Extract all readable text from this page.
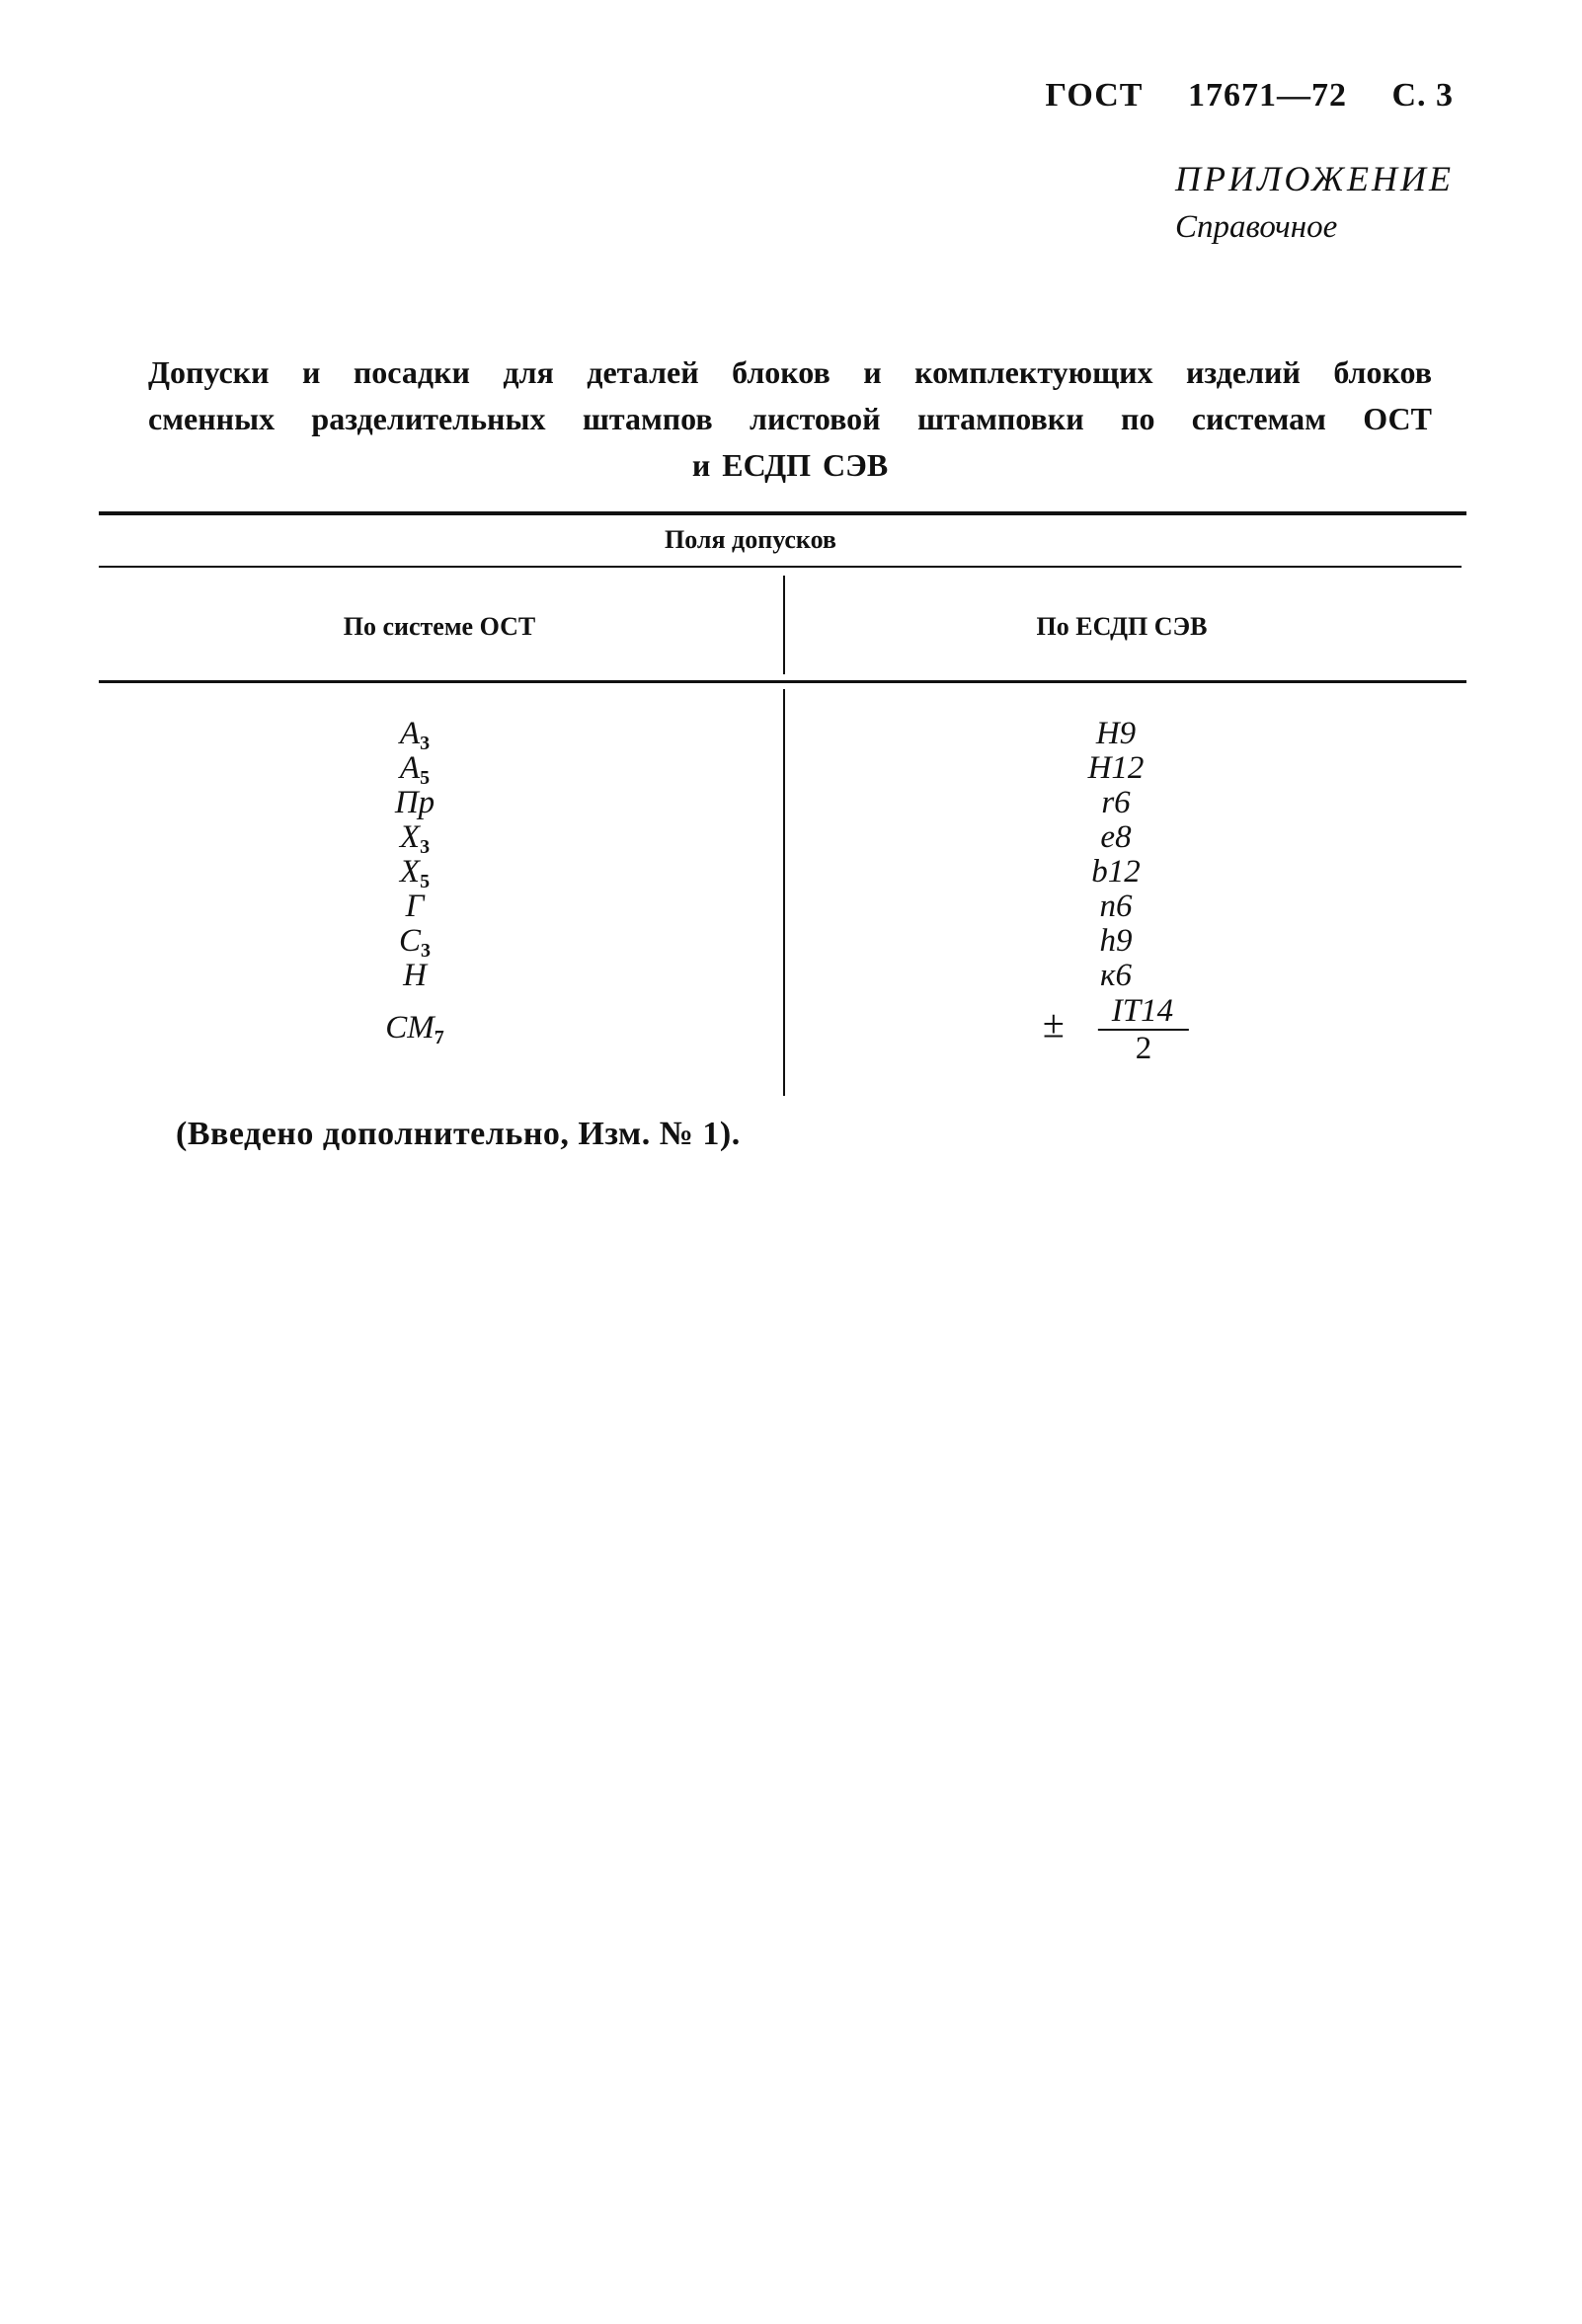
ГОСТ 17671—72 С. 3
ПРИЛОЖЕНИЕ
Справочное
Допуски и посадки для деталей блоков и комплектующих изделий блоков
сменных разделительных штампов листовой штамповки по системам ОСТ
и ЕСДП СЭВ
Поля допусков
По системе ОСТ	По ЕСДП СЭВ
$A_3$	H9
$A_5$	H12
Пр	r6
$X_3$	e8
$X_5$	b12
Г	n6
$C_3$	h9
H	к6
$CM_7$	± $\frac{IT14}{2}$
(Введено дополнительно, Изм. № 1).
